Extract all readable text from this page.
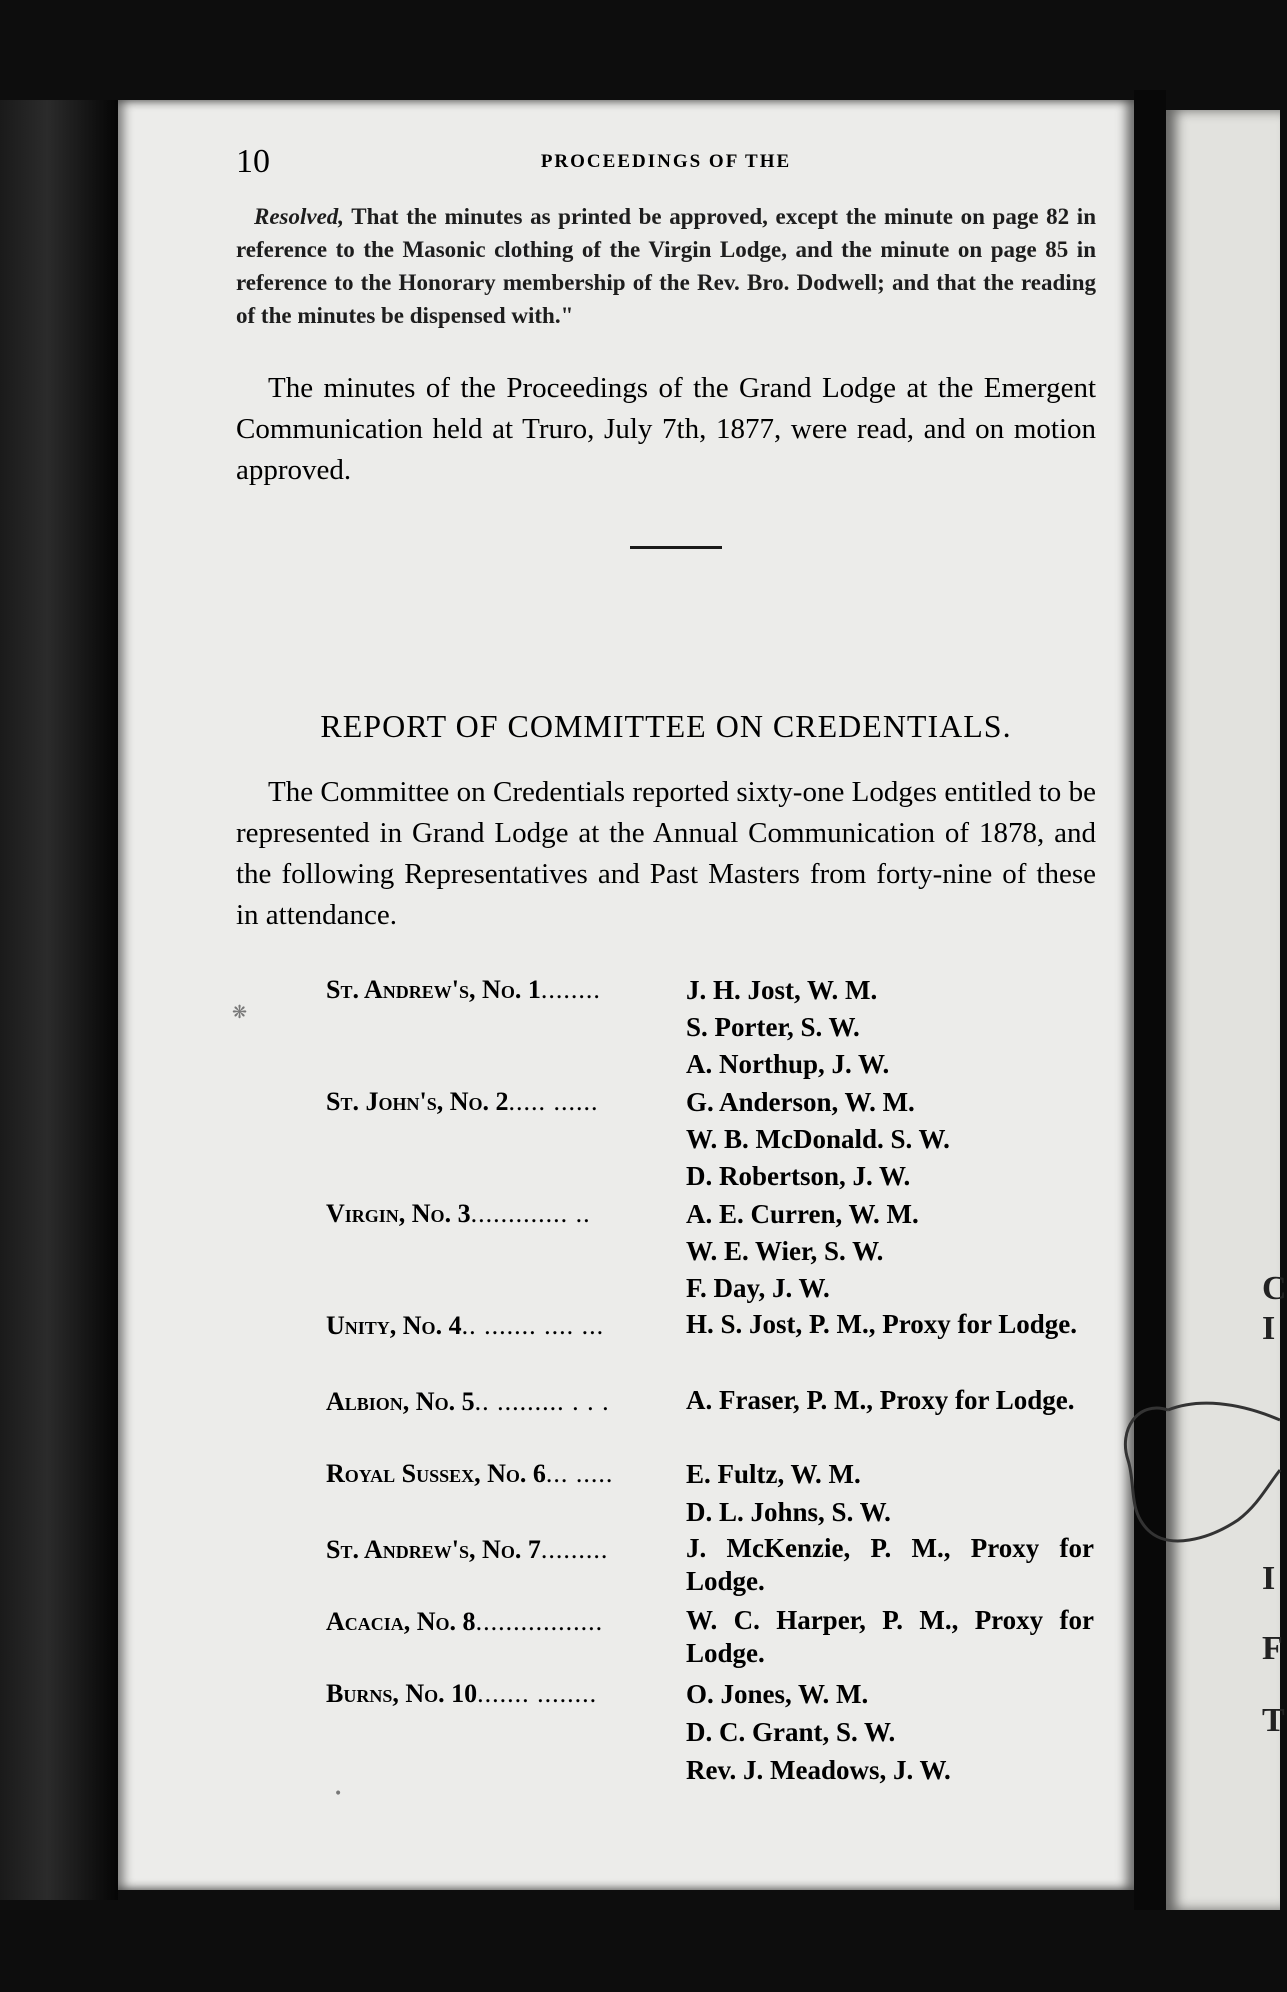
C
I
I
F
T
10	PROCEEDINGS OF THE
Resolved, That the minutes as printed be approved, except the minute on page 82 in reference to the Masonic clothing of the Virgin Lodge, and the minute on page 85 in reference to the Honorary membership of the Rev. Bro. Dodwell; and that the reading of the minutes be dispensed with."
The minutes of the Proceedings of the Grand Lodge at the Emergent Communication held at Truro, July 7th, 1877, were read, and on motion approved.
REPORT OF COMMITTEE ON CREDENTIALS.
The Committee on Credentials reported sixty-one Lodges entitled to be represented in Grand Lodge at the Annual Communication of 1878, and the following Representatives and Past Masters from forty-nine of these in attendance.
St. Andrew's, No. 1........	J. H. Jost, W. M.
S. Porter, S. W.
A. Northup, J. W.
St. John's, No. 2..... ......	G. Anderson, W. M.
W. B. McDonald. S. W.
D. Robertson, J. W.
Virgin, No. 3............. ..	A. E. Curren, W. M.
W. E. Wier, S. W.
F. Day, J. W.
Unity, No. 4.. ....... .... ...	H. S. Jost, P. M., Proxy for Lodge.
Albion, No. 5.. ......... . . .	A. Fraser, P. M., Proxy for Lodge.
Royal Sussex, No. 6... .....	E. Fultz, W. M.
D. L. Johns, S. W.
St. Andrew's, No. 7.........	J. McKenzie, P. M., Proxy for Lodge.
Acacia, No. 8.................	W. C. Harper, P. M., Proxy for Lodge.
Burns, No. 10....... ........	O. Jones, W. M.
D. C. Grant, S. W.
Rev. J. Meadows, J. W.
❋
•
